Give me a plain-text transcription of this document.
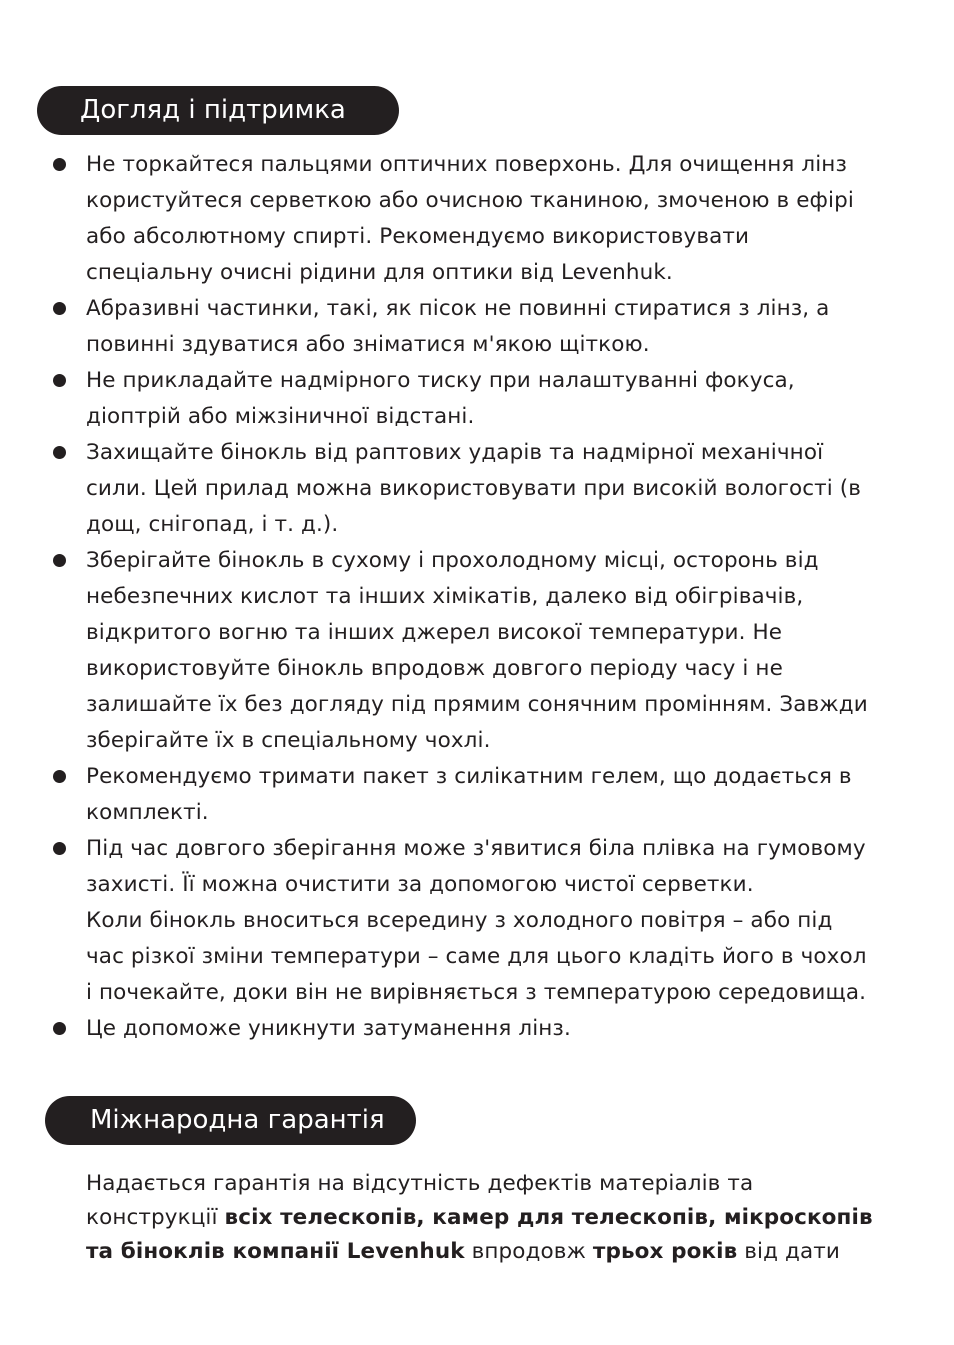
Догляд і підтримка
Не торкайтеся пальцями оптичних поверхонь. Для очищення лінз
користуйтеся серветкою або очисною тканиною, змоченою в ефірі
або абсолютному спирті. Рекомендуємо використовувати
спеціальну очисні рідини для оптики від Levenhuk.
Абразивні частинки, такі, як пісок не повинні стиратися з лінз, а
повинні здуватися або зніматися м'якою щіткою.
Не прикладайте надмірного тиску при налаштуванні фокуса,
діоптрій або міжзіничної відстані.
Захищайте бінокль від раптових ударів та надмірної механічної
сили. Цей прилад можна використовувати при високій вологості (в
дощ, снігопад, і т. д.).
Зберігайте бінокль в сухому і прохолодному місці, осторонь від
небезпечних кислот та інших хімікатів, далеко від обігрівачів,
відкритого вогню та інших джерел високої температури. Не
використовуйте бінокль впродовж довгого періоду часу і не
залишайте їх без догляду під прямим сонячним промінням. Завжди
зберігайте їх в спеціальному чохлі.
Рекомендуємо тримати пакет з силікатним гелем, що додається в
комплекті.
Під час довгого зберігання може з'явитися біла плівка на гумовому
захисті. Її можна очистити за допомогою чистої серветки.
Коли бінокль вноситься всередину з холодного повітря – або під
час різкої зміни температури – саме для цього кладіть його в чохол
і почекайте, доки він не вирівняється з температурою середовища.
Це допоможе уникнути затуманення лінз.
Міжнародна гарантія
Надається гарантія на відсутність дефектів матеріалів та
конструкції всіх телескопів, камер для телескопів, мікроскопів
та біноклів компанії Levenhuk впродовж трьох років від дати
